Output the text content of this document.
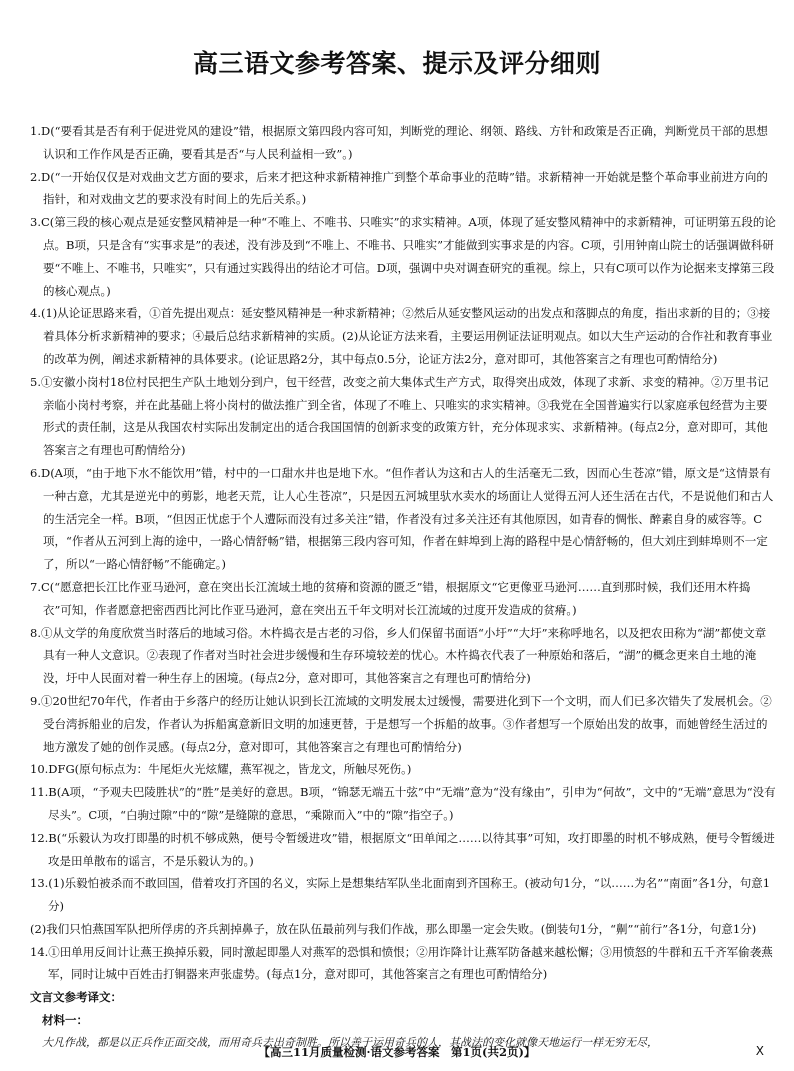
高三语文参考答案、提示及评分细则

1.D(“要看其是否有利于促进党风的建设”错，根据原文第四段内容可知，判断党的理论、纲领、路线、方针和政策是否正确，判断党员干部的思想认识和工作作风是否正确，要看其是否“与人民利益相一致”。)

2.D(“一开始仅仅是对戏曲文艺方面的要求，后来才把这种求新精神推广到整个革命事业的范畴”错。求新精神一开始就是整个革命事业前进方向的指针，和对戏曲文艺的要求没有时间上的先后关系。)

3.C(第三段的核心观点是延安整风精神是一种“不唯上、不唯书、只唯实”的求实精神。A项，体现了延安整风精神中的求新精神，可证明第五段的论点。B项，只是含有“实事求是”的表述，没有涉及到“不唯上、不唯书、只唯实”才能做到实事求是的内容。C项，引用钟南山院士的话强调做科研要“不唯上、不唯书，只唯实”，只有通过实践得出的结论才可信。D项，强调中央对调查研究的重视。综上，只有C项可以作为论据来支撑第三段的核心观点。)

4.(1)从论证思路来看，①首先提出观点：延安整风精神是一种求新精神；②然后从延安整风运动的出发点和落脚点的角度，指出求新的目的；③接着具体分析求新精神的要求；④最后总结求新精神的实质。(2)从论证方法来看，主要运用例证法证明观点。如以大生产运动的合作社和教育事业的改革为例，阐述求新精神的具体要求。(论证思路2分，其中每点0.5分，论证方法2分，意对即可，其他答案言之有理也可酌情给分)

5.①安徽小岗村18位村民把生产队土地划分到户，包干经营，改变之前大集体式生产方式，取得突出成效，体现了求新、求变的精神。②万里书记亲临小岗村考察，并在此基础上将小岗村的做法推广到全省，体现了不唯上、只唯实的求实精神。③我党在全国普遍实行以家庭承包经营为主要形式的责任制，这是从我国农村实际出发制定出的适合我国国情的创新求变的政策方针，充分体现求实、求新精神。(每点2分，意对即可，其他答案言之有理也可酌情给分)

6.D(A项，“由于地下水不能饮用”错，村中的一口甜水井也是地下水。“但作者认为这和古人的生活毫无二致，因而心生苍凉”错，原文是“这情景有一种古意，尤其是逆光中的剪影，地老天荒，让人心生苍凉”，只是因五河城里驮水卖水的场面让人觉得五河人还生活在古代，不是说他们和古人的生活完全一样。B项，“但因正忧虑于个人遭际而没有过多关注”错，作者没有过多关注还有其他原因，如青春的惆怅、醉素自身的威容等。C项，“作者从五河到上海的途中，一路心情舒畅”错，根据第三段内容可知，作者在蚌埠到上海的路程中是心情舒畅的，但大刘庄到蚌埠则不一定了，所以“一路心情舒畅”不能确定。)

7.C(“愿意把长江比作亚马逊河，意在突出长江流域土地的贫瘠和资源的匮乏”错，根据原文“它更像亚马逊河……直到那时候，我们还用木杵捣衣”可知，作者愿意把密西西比河比作亚马逊河，意在突出五千年文明对长江流域的过度开发造成的贫瘠。)

8.①从文学的角度欣赏当时落后的地域习俗。木杵捣衣是古老的习俗，乡人们保留书面语“小圩”“大圩”来称呼地名，以及把农田称为“湖”都使文章具有一种人文意识。②表现了作者对当时社会进步缓慢和生存环境较差的忧心。木杵捣衣代表了一种原始和落后，“湖”的概念更来自土地的淹没，圩中人民面对着一种生存上的困境。(每点2分，意对即可，其他答案言之有理也可酌情给分)

9.①20世纪70年代，作者由于乡落户的经历让她认识到长江流域的文明发展太过缓慢，需要进化到下一个文明，而人们已多次错失了发展机会。②受台湾拆船业的启发，作者认为拆船寓意新旧文明的加速更替，于是想写一个拆船的故事。③作者想写一个原始出发的故事，而她曾经生活过的地方激发了她的创作灵感。(每点2分，意对即可，其他答案言之有理也可酌情给分)

10.DFG(原句标点为：牛尾炬火光炫耀，燕军视之，皆龙文，所触尽死伤。)

11.B(A项，“予观夫巴陵胜状”的“胜”是美好的意思。B项，“锦瑟无端五十弦”中“无端”意为“没有缘由”，引申为“何故”，文中的“无端”意思为“没有尽头”。C项，“白驹过隙”中的“隙”是缝隙的意思，“乘隙而入”中的“隙”指空子。)

12.B(“乐毅认为攻打即墨的时机不够成熟，便号令暂缓进攻”错，根据原文“田单闻之……以待其事”可知，攻打即墨的时机不够成熟，便号令暂缓进攻是田单散布的谣言，不是乐毅认为的。)

13.(1)乐毅怕被杀而不敢回国，借着攻打齐国的名义，实际上是想集结军队坐北面南到齐国称王。(被动句1分，“以……为名”“南面”各1分，句意1分)

(2)我们只怕燕国军队把所俘虏的齐兵割掉鼻子，放在队伍最前列与我们作战，那么即墨一定会失败。(倒装句1分，“劓”“前行”各1分，句意1分)

14.①田单用反间计让燕王换掉乐毅，同时激起即墨人对燕军的恐惧和愤恨；②用诈降计让燕军防备越来越松懈；③用愤怒的牛群和五千齐军偷袭燕军，同时让城中百姓击打铜器来声张虚势。(每点1分，意对即可，其他答案言之有理也可酌情给分)

文言文参考译文：

材料一：

大凡作战，都是以正兵作正面交战，而用奇兵去出奇制胜。所以善于运用奇兵的人，其战法的变化就像天地运行一样无穷无尽，

【高三11月质量检测·语文参考答案　第1页(共2页)】	X
